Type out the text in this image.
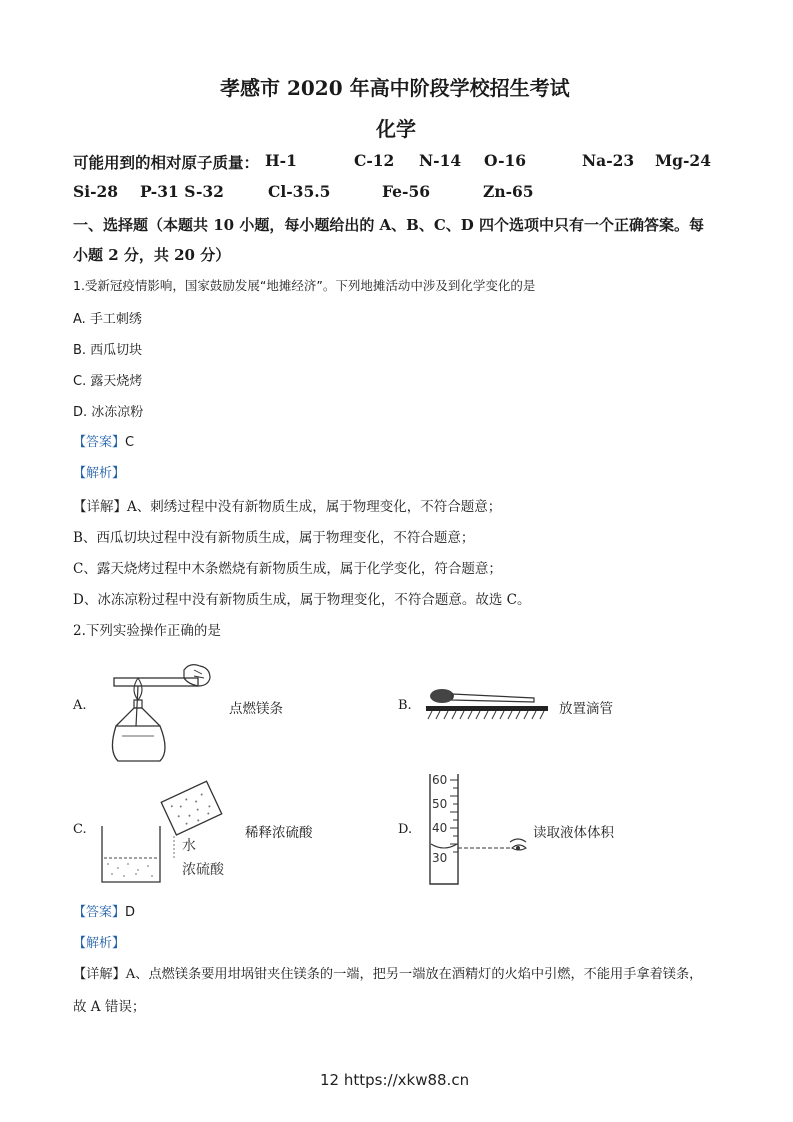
孝感市 2020 年高中阶段学校招生考试
化学
可能用到的相对原子质量： H-1	C-12 N-14 O-16	Na-23 Mg-24
Si-28 P-31 S-32	Cl-35.5	Fe-56	Zn-65
一、选择题（本题共 10 小题，每小题给出的 A、B、C、D 四个选项中只有一个正确答案。每
小题 2 分，共 20 分）
1.受新冠疫情影响，国家鼓励发展“地摊经济”。下列地摊活动中涉及到化学变化的是
A. 手工刺绣
B. 西瓜切块
C. 露天烧烤
D. 冰冻凉粉
【答案】C
【解析】
【详解】A、刺绣过程中没有新物质生成，属于物理变化，不符合题意；
B、西瓜切块过程中没有新物质生成，属于物理变化，不符合题意；
C、露天烧烤过程中木条燃烧有新物质生成，属于化学变化，符合题意；
D、冰冻凉粉过程中没有新物质生成，属于物理变化，不符合题意。故选 C。
2.下列实验操作正确的是
A.	点燃镁条	B.	放置滴管
C.
水
浓硫酸
稀释浓硫酸	D.
60
50
40
30
读取液体体积
【答案】D
【解析】
【详解】A、点燃镁条要用坩埚钳夹住镁条的一端，把另一端放在酒精灯的火焰中引燃，不能用手拿着镁条，
故 A 错误；
12 https://xkw88.cn
